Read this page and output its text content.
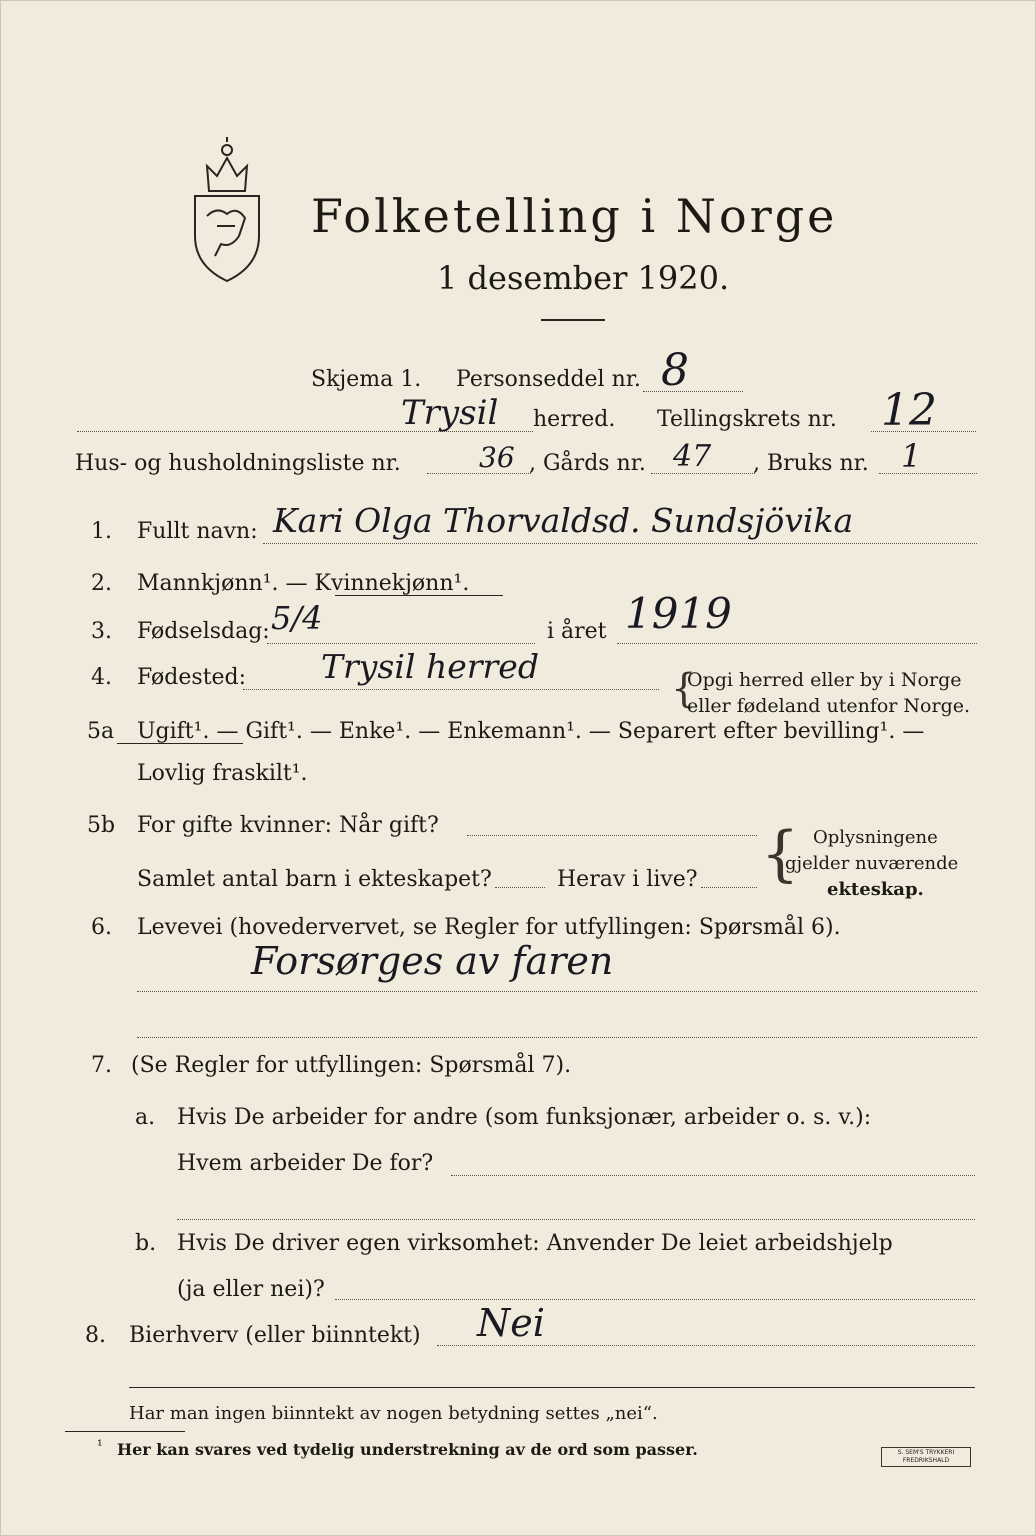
Folketelling i Norge
1 desember 1920.
Skjema 1. Personseddel nr. 8
Trysil herred. Tellingskrets nr. 12
Hus- og husholdningsliste nr.	36 , Gårds nr. 47 , Bruks nr. 1
1. Fullt navn: Kari Olga Thorvaldsd. Sundsjövika
2. Mannkjønn¹. — Kvinnekjønn¹.
3. Fødselsdag: 5/4	i året 1919
4. Fødested: Trysil herred	{
Opgi herred eller by i Norge
eller fødeland utenfor Norge.
5a Ugift¹. — Gift¹. — Enke¹. — Enkemann¹. — Separert efter bevilling¹. —
Lovlig fraskilt¹.
5b For gifte kvinner: Når gift?
Samlet antal barn i ekteskapet?	Herav i live? { Oplysningene
gjelder nuværende
ekteskap.
6. Levevei (hovedervervet, se Regler for utfyllingen: Spørsmål 6).
Forsørges av faren
7. (Se Regler for utfyllingen: Spørsmål 7).
a. Hvis De arbeider for andre (som funksjonær, arbeider o. s. v.):
Hvem arbeider De for?
b. Hvis De driver egen virksomhet: Anvender De leiet arbeidshjelp
(ja eller nei)?
8. Bierhverv (eller biinntekt) Nei
Har man ingen biinntekt av nogen betydning settes „nei“.
¹ Her kan svares ved tydelig understrekning av de ord som passer.	S. SEM'S TRYKKERI FREDRIKSHALD
